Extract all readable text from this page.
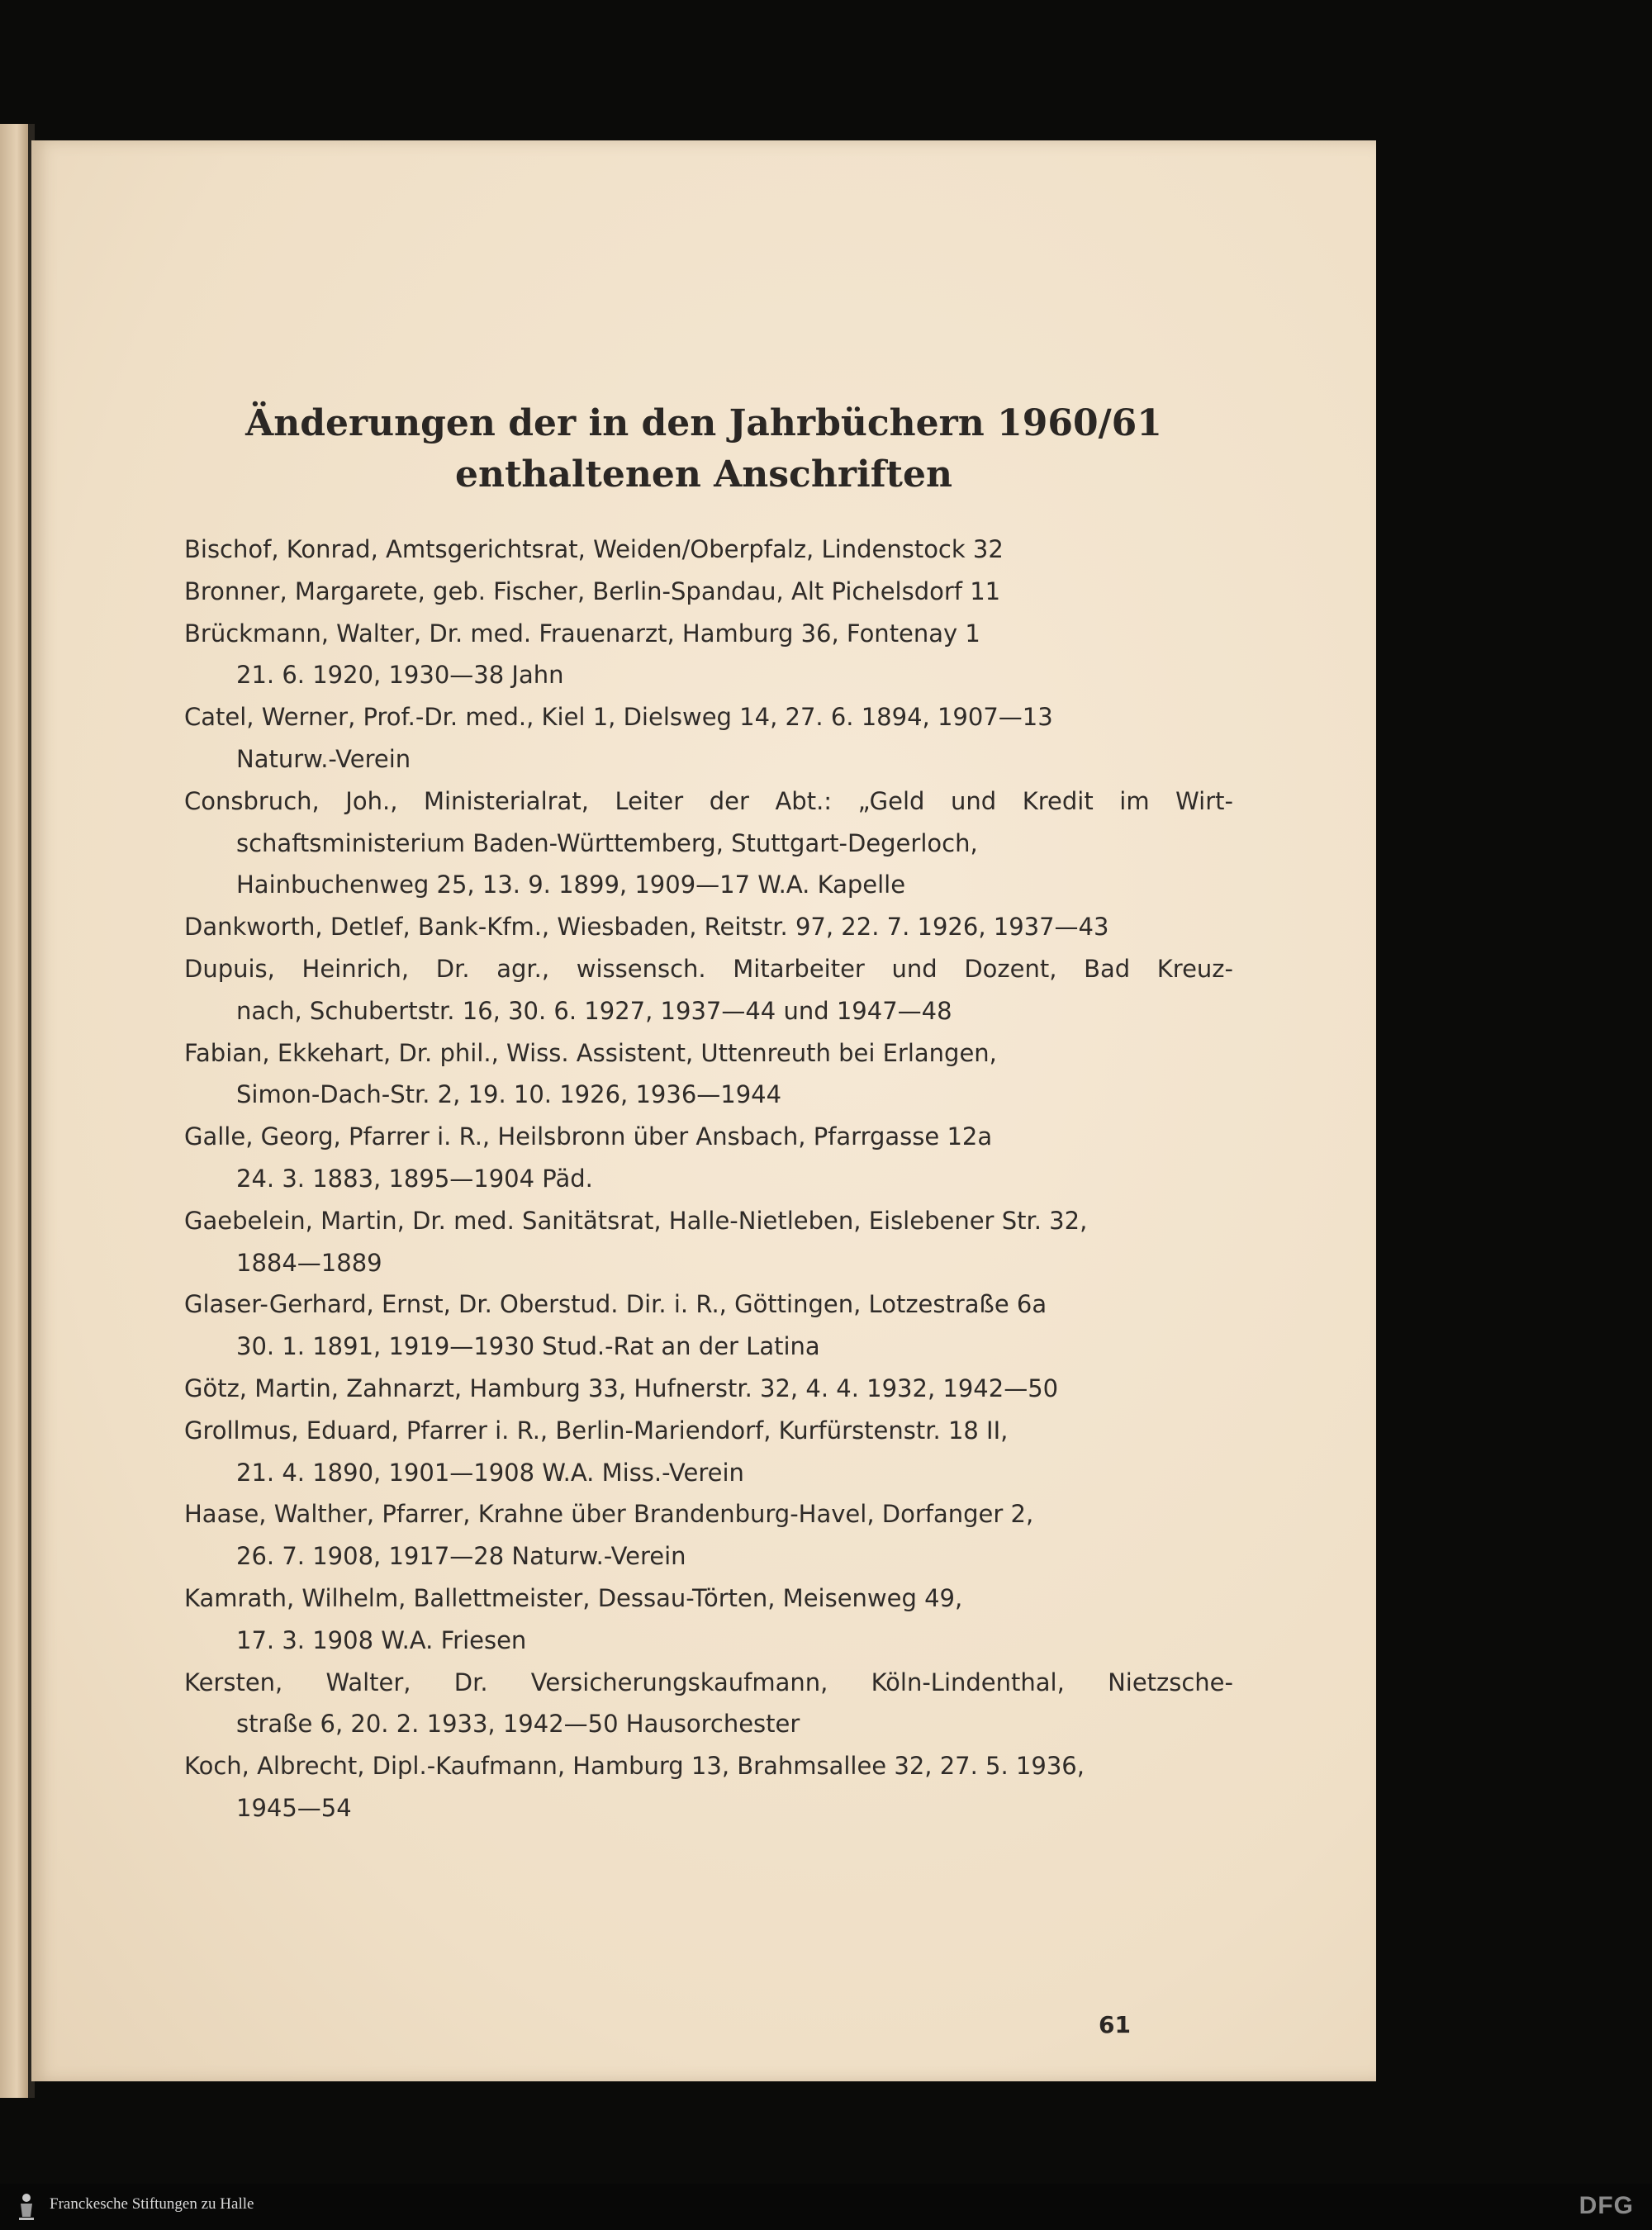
Änderungen der in den Jahrbüchern 1960/61
enthaltenen Anschriften
Bischof, Konrad, Amtsgerichtsrat, Weiden/Oberpfalz, Lindenstock 32
Bronner, Margarete, geb. Fischer, Berlin-Spandau, Alt Pichelsdorf 11
Brückmann, Walter, Dr. med. Frauenarzt, Hamburg 36, Fontenay 1
21. 6. 1920, 1930—38 Jahn
Catel, Werner, Prof.-Dr. med., Kiel 1, Dielsweg 14, 27. 6. 1894, 1907—13
Naturw.-Verein
Consbruch, Joh., Ministerialrat, Leiter der Abt.: „Geld und Kredit im Wirt-
schaftsministerium Baden-Württemberg, Stuttgart-Degerloch,
Hainbuchenweg 25, 13. 9. 1899, 1909—17 W.A. Kapelle
Dankworth, Detlef, Bank-Kfm., Wiesbaden, Reitstr. 97, 22. 7. 1926, 1937—43
Dupuis, Heinrich, Dr. agr., wissensch. Mitarbeiter und Dozent, Bad Kreuz-
nach, Schubertstr. 16, 30. 6. 1927, 1937—44 und 1947—48
Fabian, Ekkehart, Dr. phil., Wiss. Assistent, Uttenreuth bei Erlangen,
Simon-Dach-Str. 2, 19. 10. 1926, 1936—1944
Galle, Georg, Pfarrer i. R., Heilsbronn über Ansbach, Pfarrgasse 12a
24. 3. 1883, 1895—1904 Päd.
Gaebelein, Martin, Dr. med. Sanitätsrat, Halle-Nietleben, Eislebener Str. 32,
1884—1889
Glaser-Gerhard, Ernst, Dr. Oberstud. Dir. i. R., Göttingen, Lotzestraße 6a
30. 1. 1891, 1919—1930 Stud.-Rat an der Latina
Götz, Martin, Zahnarzt, Hamburg 33, Hufnerstr. 32, 4. 4. 1932, 1942—50
Grollmus, Eduard, Pfarrer i. R., Berlin-Mariendorf, Kurfürstenstr. 18 II,
21. 4. 1890, 1901—1908 W.A. Miss.-Verein
Haase, Walther, Pfarrer, Krahne über Brandenburg-Havel, Dorfanger 2,
26. 7. 1908, 1917—28 Naturw.-Verein
Kamrath, Wilhelm, Ballettmeister, Dessau-Törten, Meisenweg 49,
17. 3. 1908 W.A. Friesen
Kersten, Walter, Dr. Versicherungskaufmann, Köln-Lindenthal, Nietzsche-
straße 6, 20. 2. 1933, 1942—50 Hausorchester
Koch, Albrecht, Dipl.-Kaufmann, Hamburg 13, Brahmsallee 32, 27. 5. 1936,
1945—54
61
Franckesche Stiftungen zu Halle	DFG
